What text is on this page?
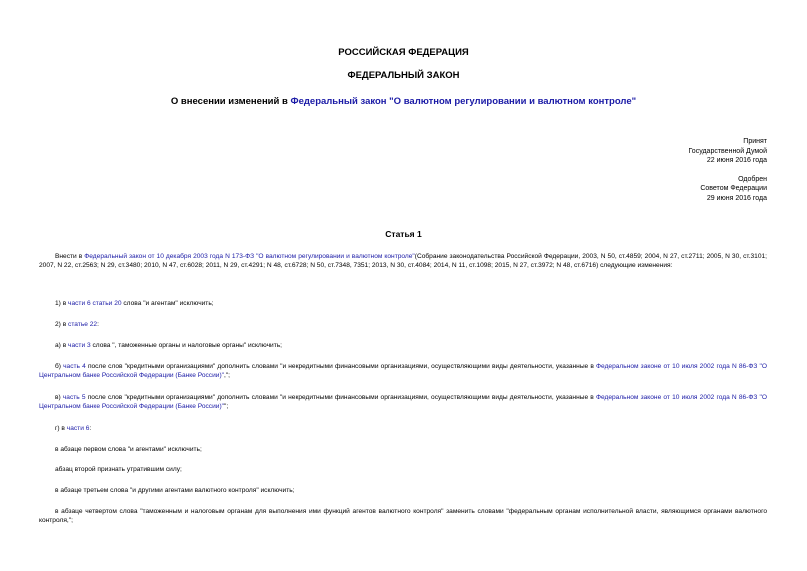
РОССИЙСКАЯ ФЕДЕРАЦИЯ
ФЕДЕРАЛЬНЫЙ ЗАКОН
О внесении изменений в Федеральный закон "О валютном регулировании и валютном контроле"
Принят
Государственной Думой
22 июня 2016 года
Одобрен
Советом Федерации
29 июня 2016 года
Статья 1
Внести в Федеральный закон от 10 декабря 2003 года N 173-ФЗ "О валютном регулировании и валютном контроле"(Собрание законодательства Российской Федерации, 2003, N 50, ст.4859; 2004, N 27, ст.2711; 2005, N 30, ст.3101; 2007, N 22, ст.2563; N 29, ст.3480; 2010, N 47, ст.6028; 2011, N 29, ст.4291; N 48, ст.6728; N 50, ст.7348, 7351; 2013, N 30, ст.4084; 2014, N 11, ст.1098; 2015, N 27, ст.3972; N 48, ст.6716) следующие изменения:
1) в части 6 статьи 20 слова "и агентам" исключить;
2) в статье 22:
а) в части 3 слова ", таможенные органы и налоговые органы" исключить;
б) часть 4 после слов "кредитными организациями" дополнить словами "и некредитными финансовыми организациями, осуществляющими виды деятельности, указанные в Федеральном законе от 10 июля 2002 года N 86-ФЗ "О Центральном банке Российской Федерации (Банке России)",";
в) часть 5 после слов "кредитными организациями" дополнить словами "и некредитными финансовыми организациями, осуществляющими виды деятельности, указанные в Федеральном законе от 10 июля 2002 года N 86-ФЗ "О Центральном банке Российской Федерации (Банке России)"";
г) в части 6:
в абзаце первом слова "и агентами" исключить;
абзац второй признать утратившим силу;
в абзаце третьем слова "и другими агентами валютного контроля" исключить;
в абзаце четвертом слова "таможенным и налоговым органам для выполнения ими функций агентов валютного контроля" заменить словами "федеральным органам исполнительной власти, являющимся органами валютного контроля,";
